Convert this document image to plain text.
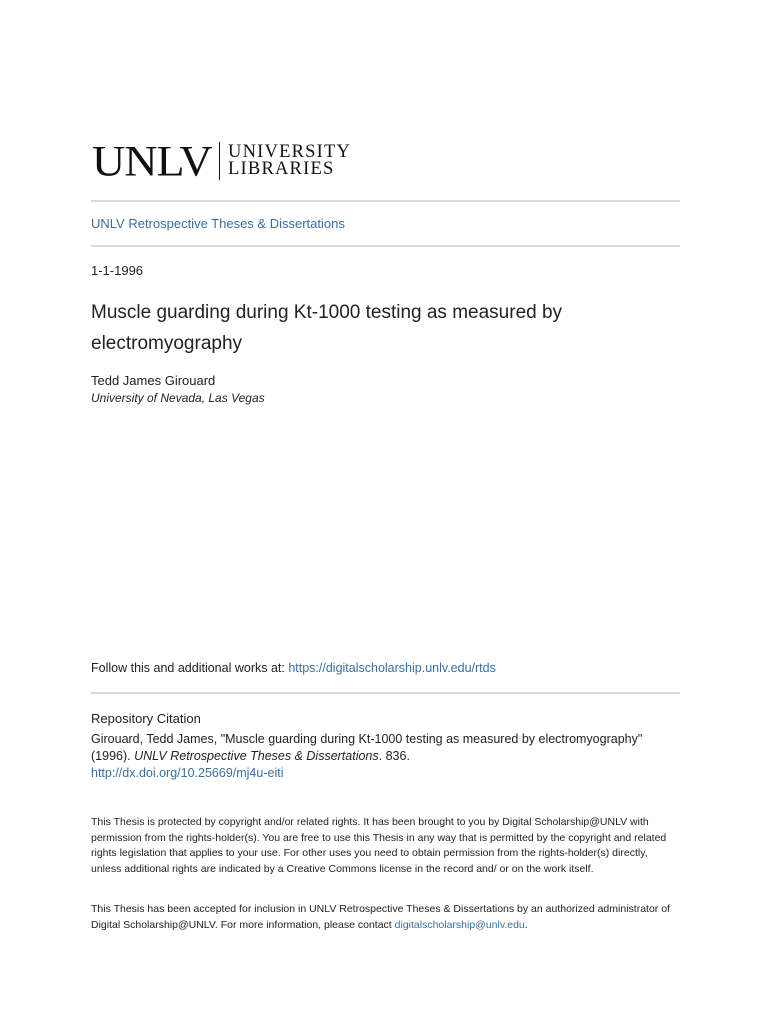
UNLV UNIVERSITY
LIBRARIES
UNLV Retrospective Theses & Dissertations
1-1-1996
Muscle guarding during Kt-1000 testing as measured by electromyography
Tedd James Girouard
University of Nevada, Las Vegas
Follow this and additional works at: https://digitalscholarship.unlv.edu/rtds
Repository Citation
Girouard, Tedd James, "Muscle guarding during Kt-1000 testing as measured by electromyography" (1996). UNLV Retrospective Theses & Dissertations. 836.
http://dx.doi.org/10.25669/mj4u-eiti
This Thesis is protected by copyright and/or related rights. It has been brought to you by Digital Scholarship@UNLV with permission from the rights-holder(s). You are free to use this Thesis in any way that is permitted by the copyright and related rights legislation that applies to your use. For other uses you need to obtain permission from the rights-holder(s) directly, unless additional rights are indicated by a Creative Commons license in the record and/ or on the work itself.
This Thesis has been accepted for inclusion in UNLV Retrospective Theses & Dissertations by an authorized administrator of Digital Scholarship@UNLV. For more information, please contact digitalscholarship@unlv.edu.
